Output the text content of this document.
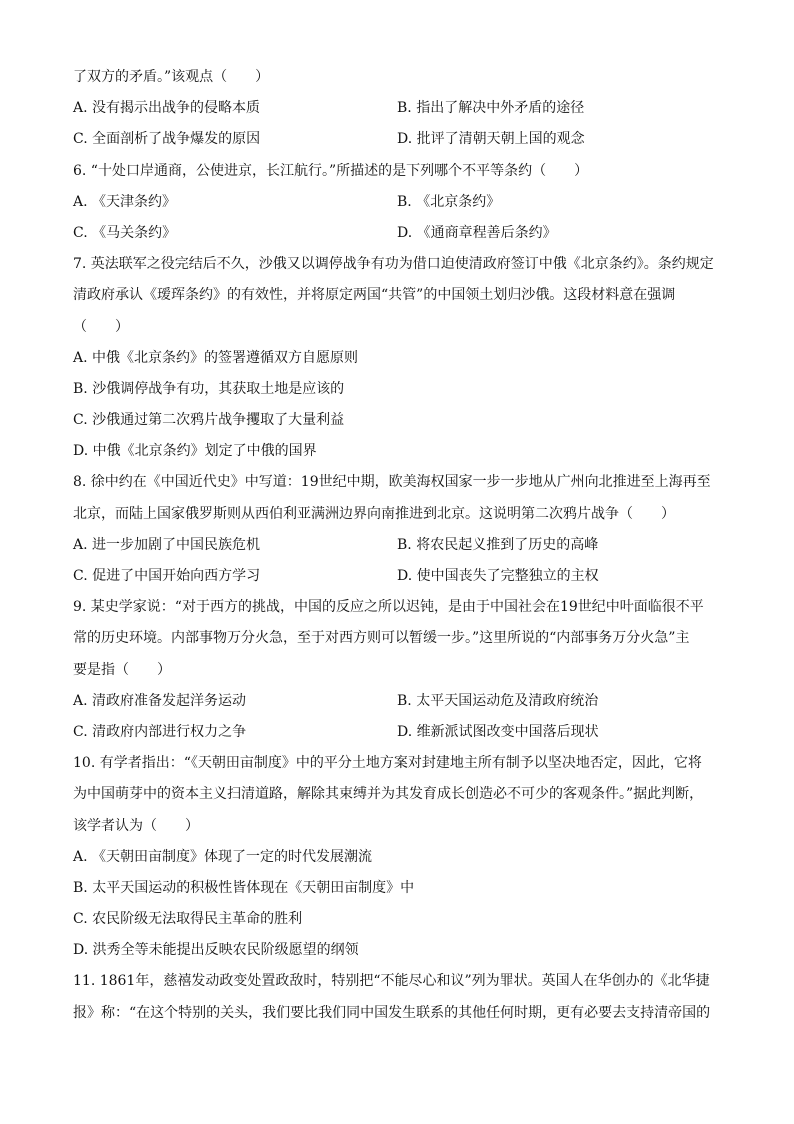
了双方的矛盾。”该观点（　　）
A. 没有揭示出战争的侵略本质	B. 指出了解决中外矛盾的途径
C. 全面剖析了战争爆发的原因	D. 批评了清朝天朝上国的观念
6. “十处口岸通商，公使进京，长江航行。”所描述的是下列哪个不平等条约（　　）
A. 《天津条约》	B. 《北京条约》
C. 《马关条约》	D. 《通商章程善后条约》
7. 英法联军之役完结后不久，沙俄又以调停战争有功为借口迫使清政府签订中俄《北京条约》。条约规定
清政府承认《瑷珲条约》的有效性，并将原定两国“共管”的中国领土划归沙俄。这段材料意在强调
（　　）
A. 中俄《北京条约》的签署遵循双方自愿原则
B. 沙俄调停战争有功，其获取土地是应该的
C. 沙俄通过第二次鸦片战争攫取了大量利益
D. 中俄《北京条约》划定了中俄的国界
8. 徐中约在《中国近代史》中写道：19世纪中期，欧美海权国家一步一步地从广州向北推进至上海再至
北京，而陆上国家俄罗斯则从西伯利亚满洲边界向南推进到北京。这说明第二次鸦片战争（　　）
A. 进一步加剧了中国民族危机	B. 将农民起义推到了历史的高峰
C. 促进了中国开始向西方学习	D. 使中国丧失了完整独立的主权
9. 某史学家说：“对于西方的挑战，中国的反应之所以迟钝，是由于中国社会在19世纪中叶面临很不平
常的历史环境。内部事物万分火急，至于对西方则可以暂缓一步。”这里所说的“内部事务万分火急”主
要是指（　　）
A. 清政府准备发起洋务运动	B. 太平天国运动危及清政府统治
C. 清政府内部进行权力之争	D. 维新派试图改变中国落后现状
10. 有学者指出：“《天朝田亩制度》中的平分土地方案对封建地主所有制予以坚决地否定，因此，它将
为中国萌芽中的资本主义扫清道路，解除其束缚并为其发育成长创造必不可少的客观条件。”据此判断，
该学者认为（　　）
A. 《天朝田亩制度》体现了一定的时代发展潮流
B. 太平天国运动的积极性皆体现在《天朝田亩制度》中
C. 农民阶级无法取得民主革命的胜利
D. 洪秀全等未能提出反映农民阶级愿望的纲领
11. 1861年，慈禧发动政变处置政敌时，特别把“不能尽心和议”列为罪状。英国人在华创办的《北华捷
报》称：“在这个特别的关头，我们要比我们同中国发生联系的其他任何时期，更有必要去支持清帝国的
